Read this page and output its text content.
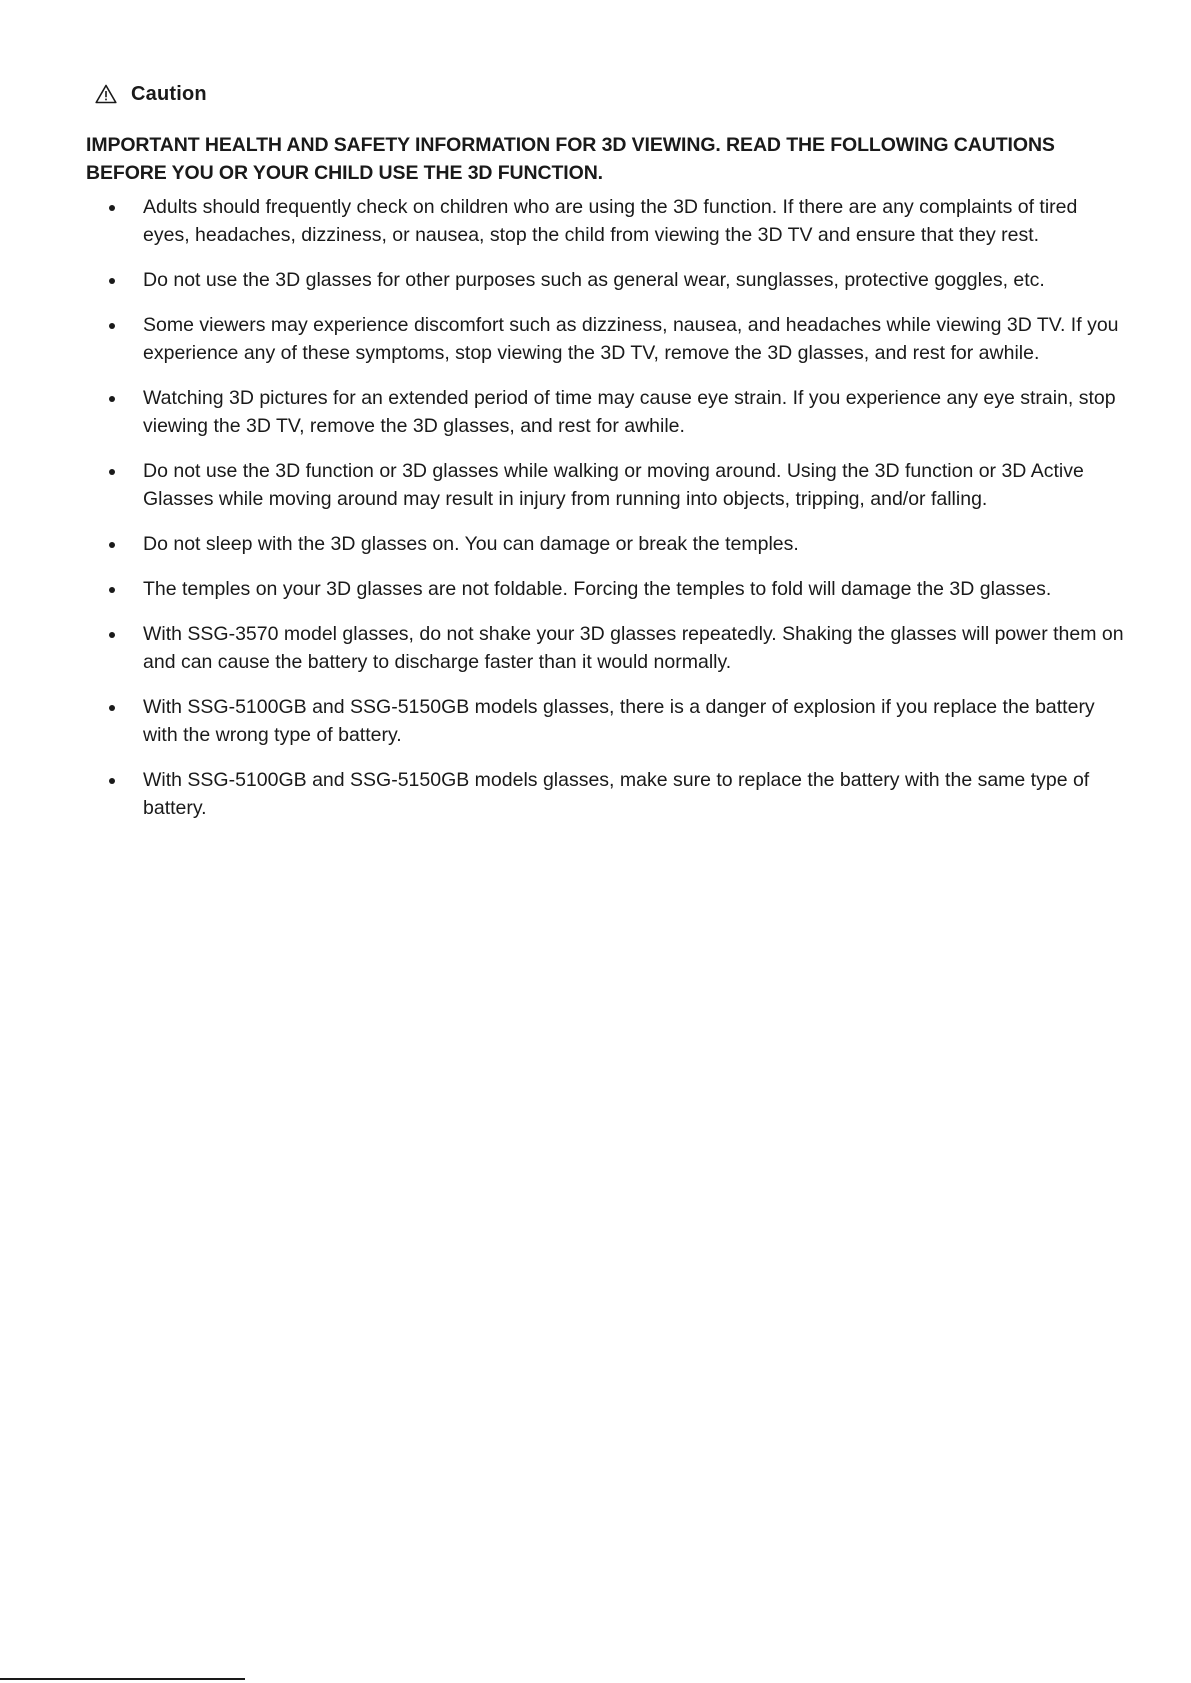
Caution

IMPORTANT HEALTH AND SAFETY INFORMATION FOR 3D VIEWING. READ THE FOLLOWING CAUTIONS BEFORE YOU OR YOUR CHILD USE THE 3D FUNCTION.

Adults should frequently check on children who are using the 3D function. If there are any complaints of tired eyes, headaches, dizziness, or nausea, stop the child from viewing the 3D TV and ensure that they rest.
Do not use the 3D glasses for other purposes such as general wear, sunglasses, protective goggles, etc.
Some viewers may experience discomfort such as dizziness, nausea, and headaches while viewing 3D TV. If you experience any of these symptoms, stop viewing the 3D TV, remove the 3D glasses, and rest for awhile.
Watching 3D pictures for an extended period of time may cause eye strain. If you experience any eye strain, stop viewing the 3D TV, remove the 3D glasses, and rest for awhile.
Do not use the 3D function or 3D glasses while walking or moving around. Using the 3D function or 3D Active Glasses while moving around may result in injury from running into objects, tripping, and/or falling.
Do not sleep with the 3D glasses on. You can damage or break the temples.
The temples on your 3D glasses are not foldable. Forcing the temples to fold will damage the 3D glasses.
With SSG-3570 model glasses, do not shake your 3D glasses repeatedly. Shaking the glasses will power them on and can cause the battery to discharge faster than it would normally.
With SSG-5100GB and SSG-5150GB models glasses, there is a danger of explosion if you replace the battery with the wrong type of battery.
With SSG-5100GB and SSG-5150GB models glasses, make sure to replace the battery with the same type of battery.
